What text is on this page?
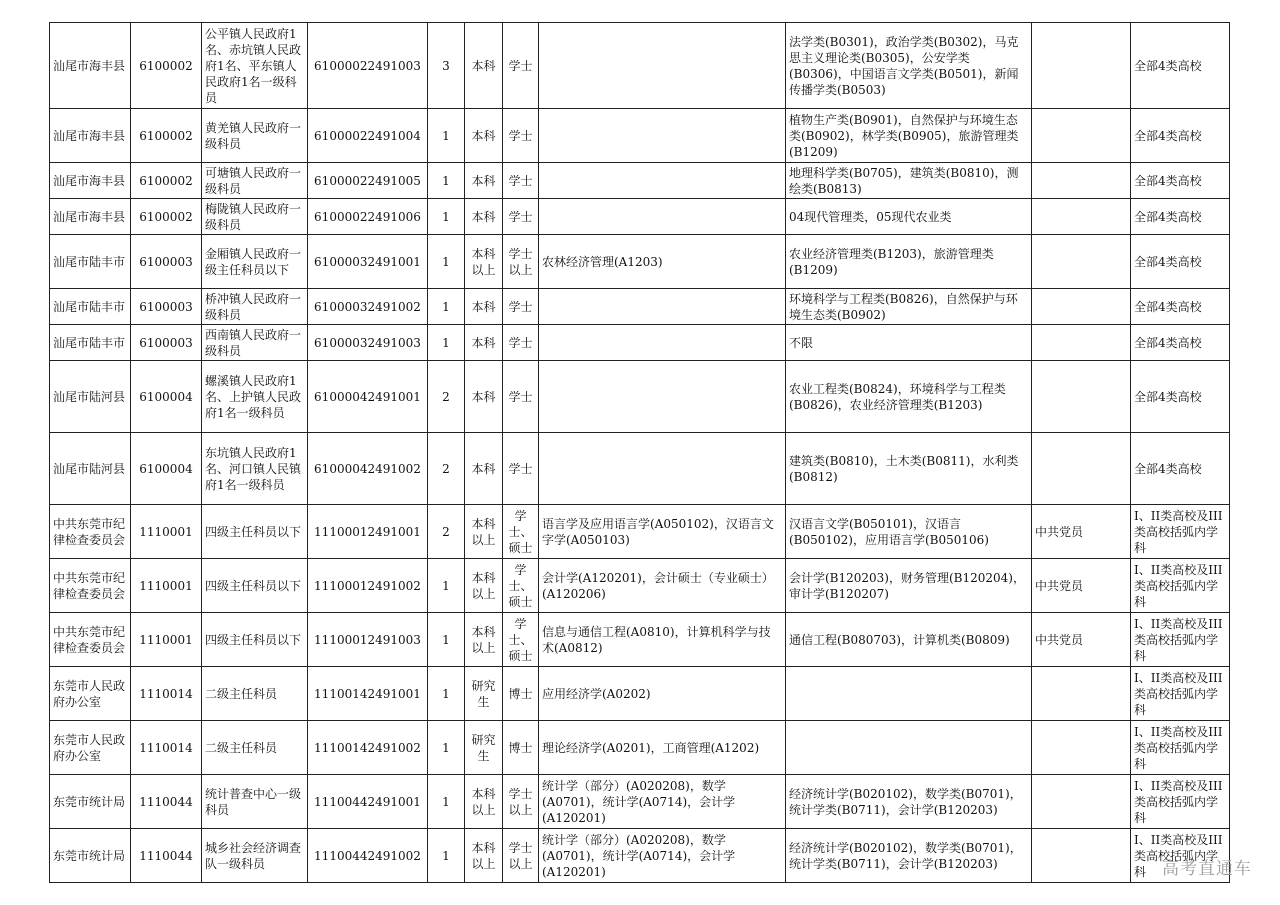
汕尾市海丰县	6100002	公平镇人民政府1名、赤坑镇人民政府1名、平东镇人民政府1名一级科员	61000022491003	3	本科	学士		法学类(B0301)，政治学类(B0302)，马克思主义理论类(B0305)，公安学类(B0306)，中国语言文学类(B0501)，新闻传播学类(B0503)		全部4类高校
汕尾市海丰县	6100002	黄羌镇人民政府一级科员	61000022491004	1	本科	学士		植物生产类(B0901)，自然保护与环境生态类(B0902)，林学类(B0905)，旅游管理类(B1209)		全部4类高校
汕尾市海丰县	6100002	可塘镇人民政府一级科员	61000022491005	1	本科	学士		地理科学类(B0705)，建筑类(B0810)，测绘类(B0813)		全部4类高校
汕尾市海丰县	6100002	梅陇镇人民政府一级科员	61000022491006	1	本科	学士		04现代管理类，05现代农业类		全部4类高校
汕尾市陆丰市	6100003	金厢镇人民政府一级主任科员以下	61000032491001	1	本科以上	学士以上	农林经济管理(A1203)	农业经济管理类(B1203)，旅游管理类(B1209)		全部4类高校
汕尾市陆丰市	6100003	桥冲镇人民政府一级科员	61000032491002	1	本科	学士		环境科学与工程类(B0826)，自然保护与环境生态类(B0902)		全部4类高校
汕尾市陆丰市	6100003	西南镇人民政府一级科员	61000032491003	1	本科	学士		不限		全部4类高校
汕尾市陆河县	6100004	螺溪镇人民政府1名、上护镇人民政府1名一级科员	61000042491001	2	本科	学士		农业工程类(B0824)，环境科学与工程类(B0826)，农业经济管理类(B1203)		全部4类高校
汕尾市陆河县	6100004	东坑镇人民政府1名、河口镇人民镇府1名一级科员	61000042491002	2	本科	学士		建筑类(B0810)，土木类(B0811)，水利类(B0812)		全部4类高校
中共东莞市纪律检查委员会	1110001	四级主任科员以下	11100012491001	2	本科以上	学士、硕士	语言学及应用语言学(A050102)，汉语言文字学(A050103)	汉语言文学(B050101)，汉语言(B050102)，应用语言学(B050106)	中共党员	I、II类高校及III类高校括弧内学科
中共东莞市纪律检查委员会	1110001	四级主任科员以下	11100012491002	1	本科以上	学士、硕士	会计学(A120201)，会计硕士（专业硕士）(A120206)	会计学(B120203)，财务管理(B120204)，审计学(B120207)	中共党员	I、II类高校及III类高校括弧内学科
中共东莞市纪律检查委员会	1110001	四级主任科员以下	11100012491003	1	本科以上	学士、硕士	信息与通信工程(A0810)，计算机科学与技术(A0812)	通信工程(B080703)，计算机类(B0809)	中共党员	I、II类高校及III类高校括弧内学科
东莞市人民政府办公室	1110014	二级主任科员	11100142491001	1	研究生	博士	应用经济学(A0202)			I、II类高校及III类高校括弧内学科
东莞市人民政府办公室	1110014	二级主任科员	11100142491002	1	研究生	博士	理论经济学(A0201)，工商管理(A1202)			I、II类高校及III类高校括弧内学科
东莞市统计局	1110044	统计普查中心一级科员	11100442491001	1	本科以上	学士以上	统计学（部分）(A020208)，数学(A0701)，统计学(A0714)，会计学(A120201)	经济统计学(B020102)，数学类(B0701)，统计学类(B0711)，会计学(B120203)		I、II类高校及III类高校括弧内学科
东莞市统计局	1110044	城乡社会经济调查队一级科员	11100442491002	1	本科以上	学士以上	统计学（部分）(A020208)，数学(A0701)，统计学(A0714)，会计学(A120201)	经济统计学(B020102)，数学类(B0701)，统计学类(B0711)，会计学(B120203)		I、II类高校及III类高校括弧内学科 高考直通车
